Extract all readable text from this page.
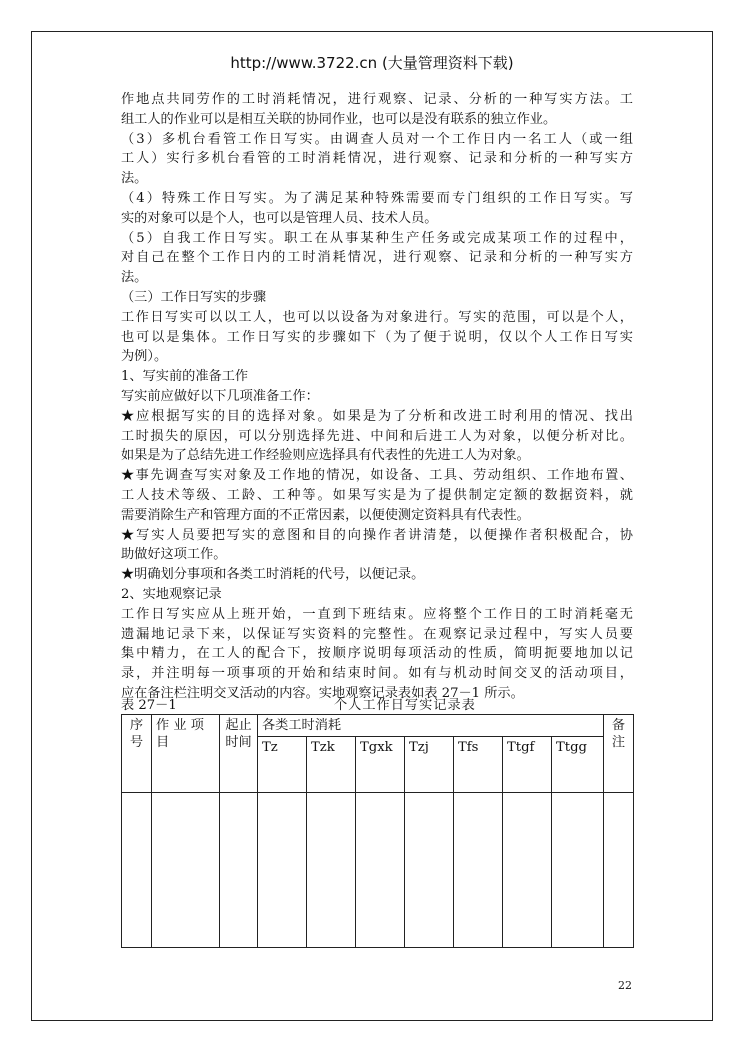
http://www.3722.cn (大量管理资料下载)
作地点共同劳作的工时消耗情况，进行观察、记录、分析的一种写实方法。工
组工人的作业可以是相互关联的协同作业，也可以是没有联系的独立作业。
（3）多机台看管工作日写实。由调查人员对一个工作日内一名工人（或一组
工人）实行多机台看管的工时消耗情况，进行观察、记录和分析的一种写实方
法。
（4）特殊工作日写实。为了满足某种特殊需要而专门组织的工作日写实。写
实的对象可以是个人，也可以是管理人员、技术人员。
（5）自我工作日写实。职工在从事某种生产任务或完成某项工作的过程中，
对自己在整个工作日内的工时消耗情况，进行观察、记录和分析的一种写实方
法。
（三）工作日写实的步骤
工作日写实可以以工人，也可以以设备为对象进行。写实的范围，可以是个人，
也可以是集体。工作日写实的步骤如下（为了便于说明，仅以个人工作日写实
为例）。
1、写实前的准备工作
写实前应做好以下几项准备工作：
★应根据写实的目的选择对象。如果是为了分析和改进工时利用的情况、找出
工时损失的原因，可以分别选择先进、中间和后进工人为对象，以便分析对比。
如果是为了总结先进工作经验则应选择具有代表性的先进工人为对象。
★事先调查写实对象及工作地的情况，如设备、工具、劳动组织、工作地布置、
工人技术等级、工龄、工种等。如果写实是为了提供制定定额的数据资料，就
需要消除生产和管理方面的不正常因素，以便使测定资料具有代表性。
★写实人员要把写实的意图和目的向操作者讲清楚，以便操作者积极配合，协
助做好这项工作。
★明确划分事项和各类工时消耗的代号，以便记录。
2、实地观察记录
工作日写实应从上班开始，一直到下班结束。应将整个工作日的工时消耗毫无
遗漏地记录下来，以保证写实资料的完整性。在观察记录过程中，写实人员要
集中精力，在工人的配合下，按顺序说明每项活动的性质，简明扼要地加以记
录，并注明每一项事项的开始和结束时间。如有与机动时间交叉的活动项目，
应在备注栏注明交叉活动的内容。实地观察记录表如表 27－1 所示。
表 27－1	个人工作日写实记录表
序号	作 业 项 目	起止时间	各类工时消耗							备注
			Tz	Tzk	Tgxk	Tzj	Tfs	Ttgf	Ttgg	

22
